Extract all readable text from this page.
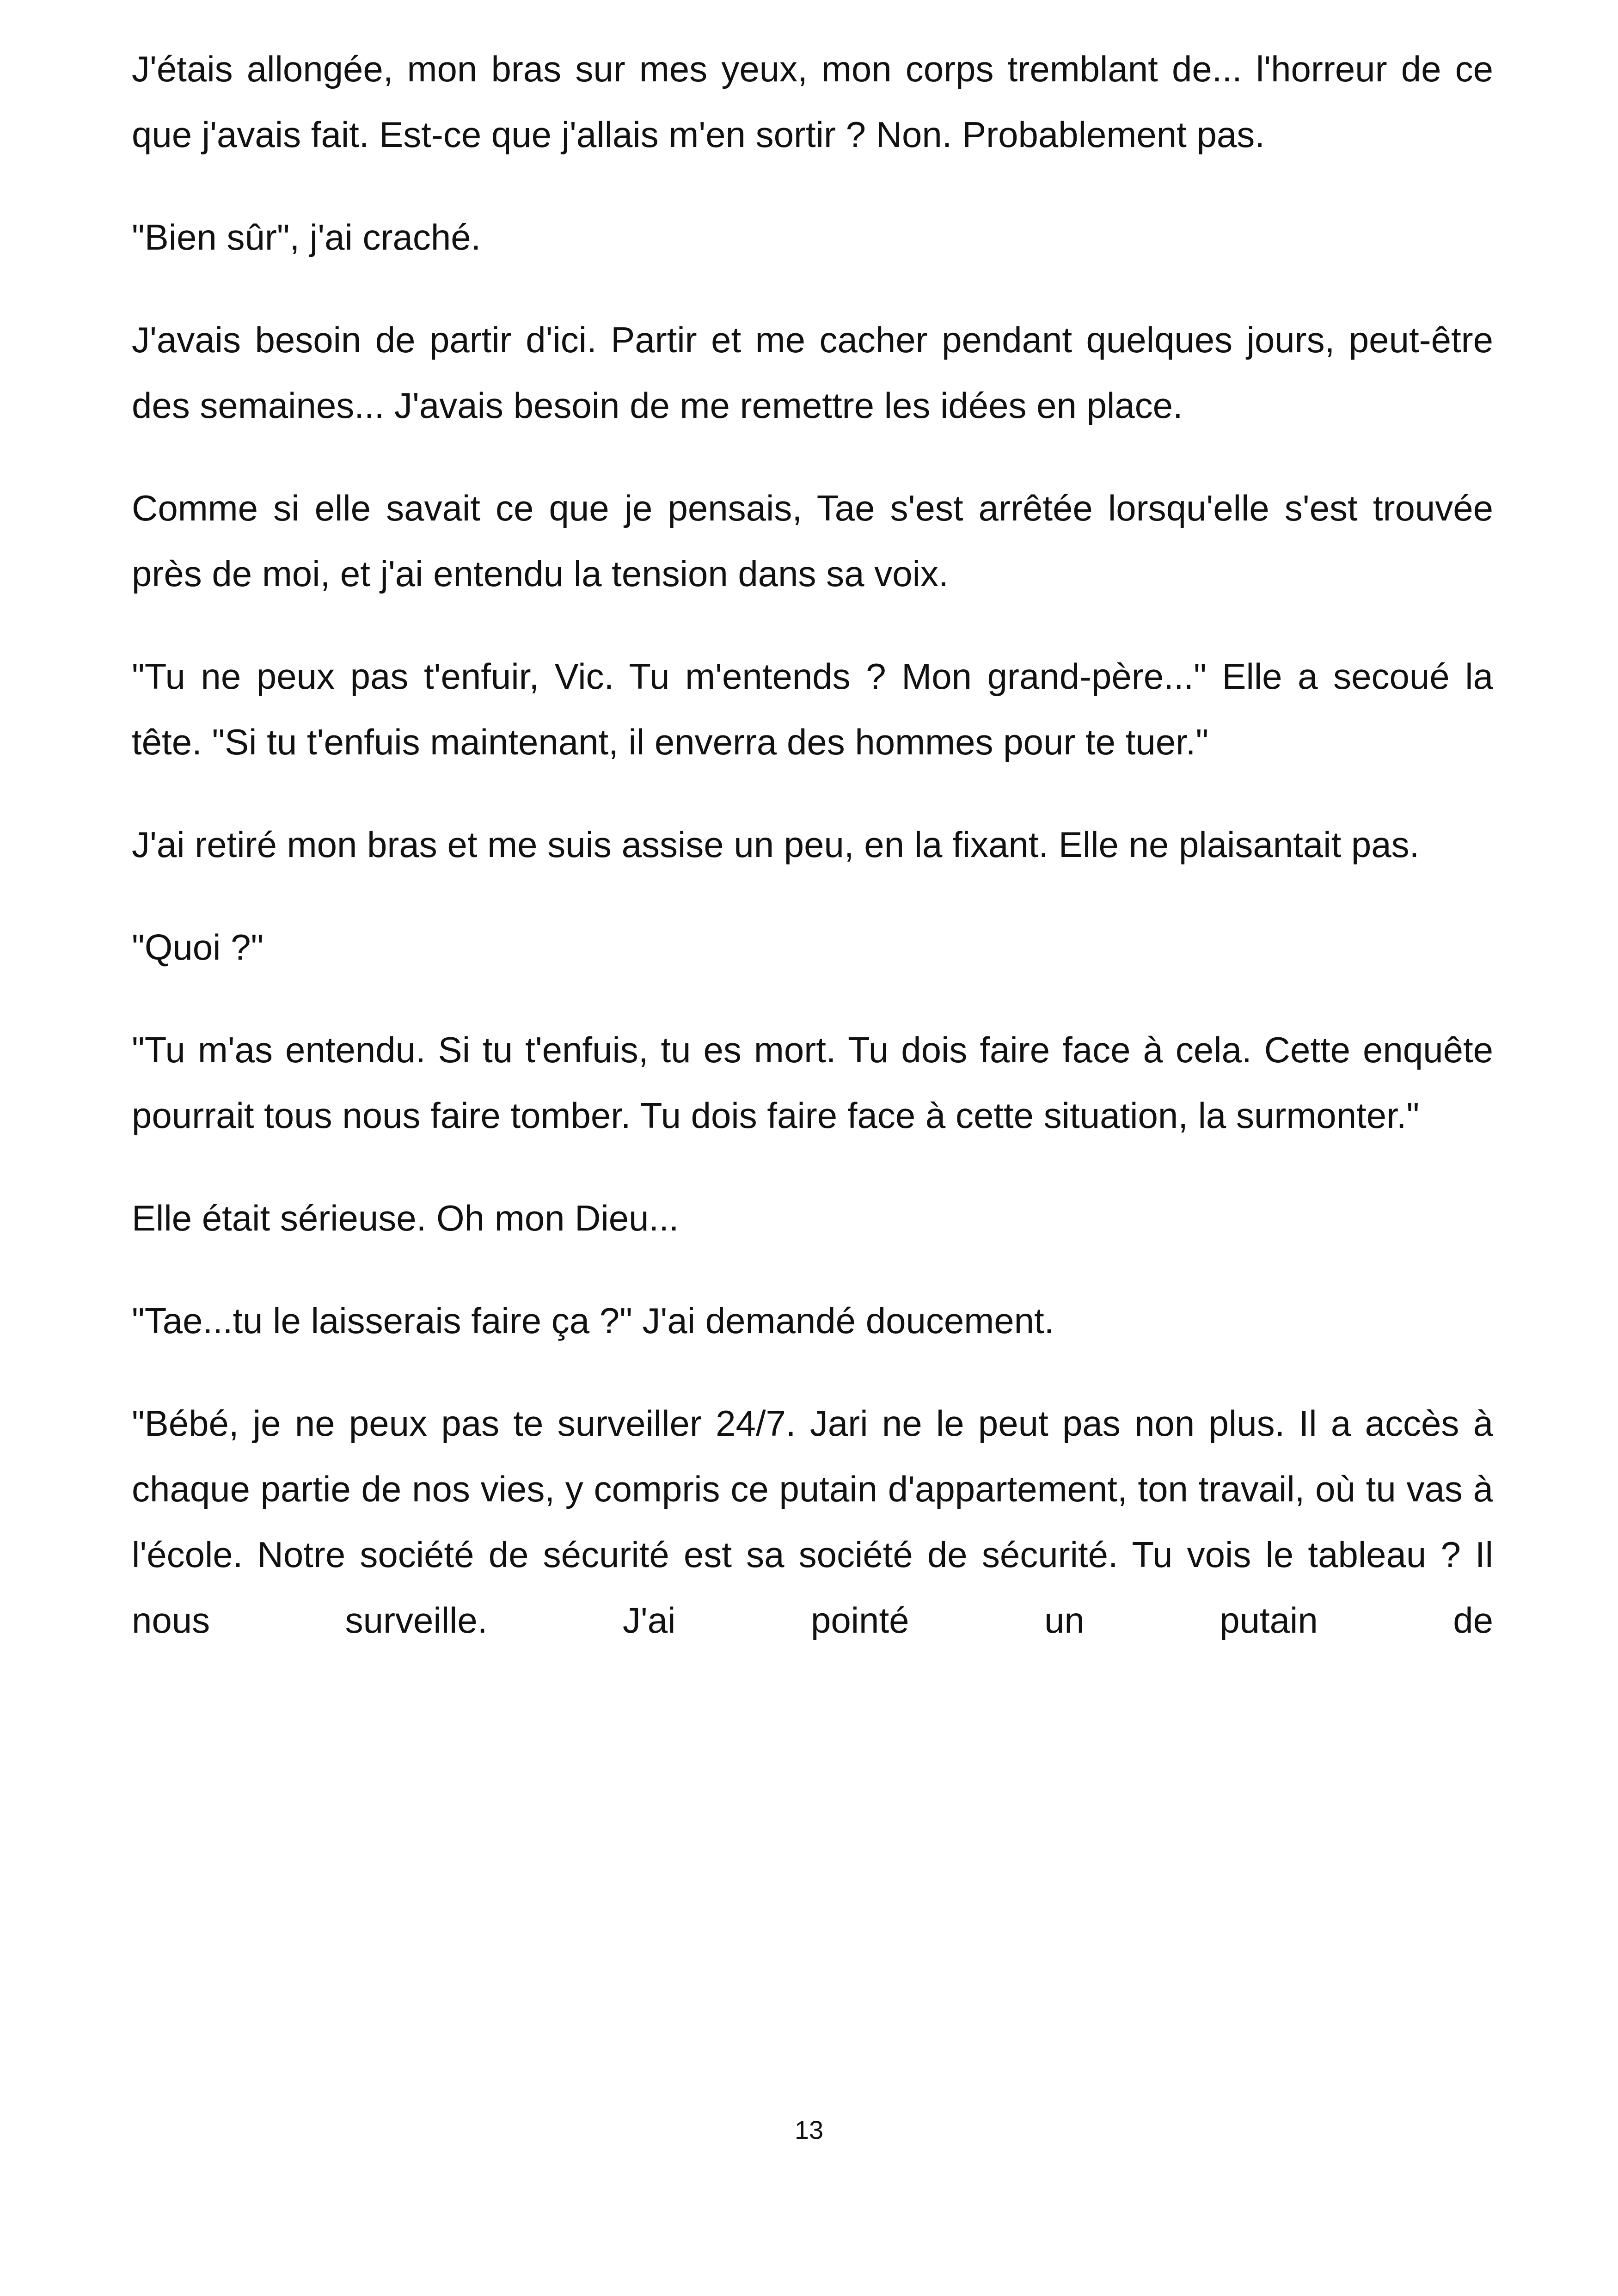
J'étais allongée, mon bras sur mes yeux, mon corps tremblant de... l'horreur de ce que j'avais fait. Est-ce que j'allais m'en sortir ? Non. Probablement pas.

"Bien sûr", j'ai craché.

J'avais besoin de partir d'ici. Partir et me cacher pendant quelques jours, peut-être des semaines... J'avais besoin de me remettre les idées en place.

Comme si elle savait ce que je pensais, Tae s'est arrêtée lorsqu'elle s'est trouvée près de moi, et j'ai entendu la tension dans sa voix.

"Tu ne peux pas t'enfuir, Vic. Tu m'entends ? Mon grand-père..." Elle a secoué la tête. "Si tu t'enfuis maintenant, il enverra des hommes pour te tuer."

J'ai retiré mon bras et me suis assise un peu, en la fixant. Elle ne plaisantait pas.

"Quoi ?"

"Tu m'as entendu. Si tu t'enfuis, tu es mort. Tu dois faire face à cela. Cette enquête pourrait tous nous faire tomber. Tu dois faire face à cette situation, la surmonter."

Elle était sérieuse. Oh mon Dieu...

"Tae...tu le laisserais faire ça ?" J'ai demandé doucement.

"Bébé, je ne peux pas te surveiller 24/7. Jari ne le peut pas non plus. Il a accès à chaque partie de nos vies, y compris ce putain d'appartement, ton travail, où tu vas à l'école. Notre société de sécurité est sa société de sécurité. Tu vois le tableau ? Il nous surveille. J'ai pointé un putain de

13
